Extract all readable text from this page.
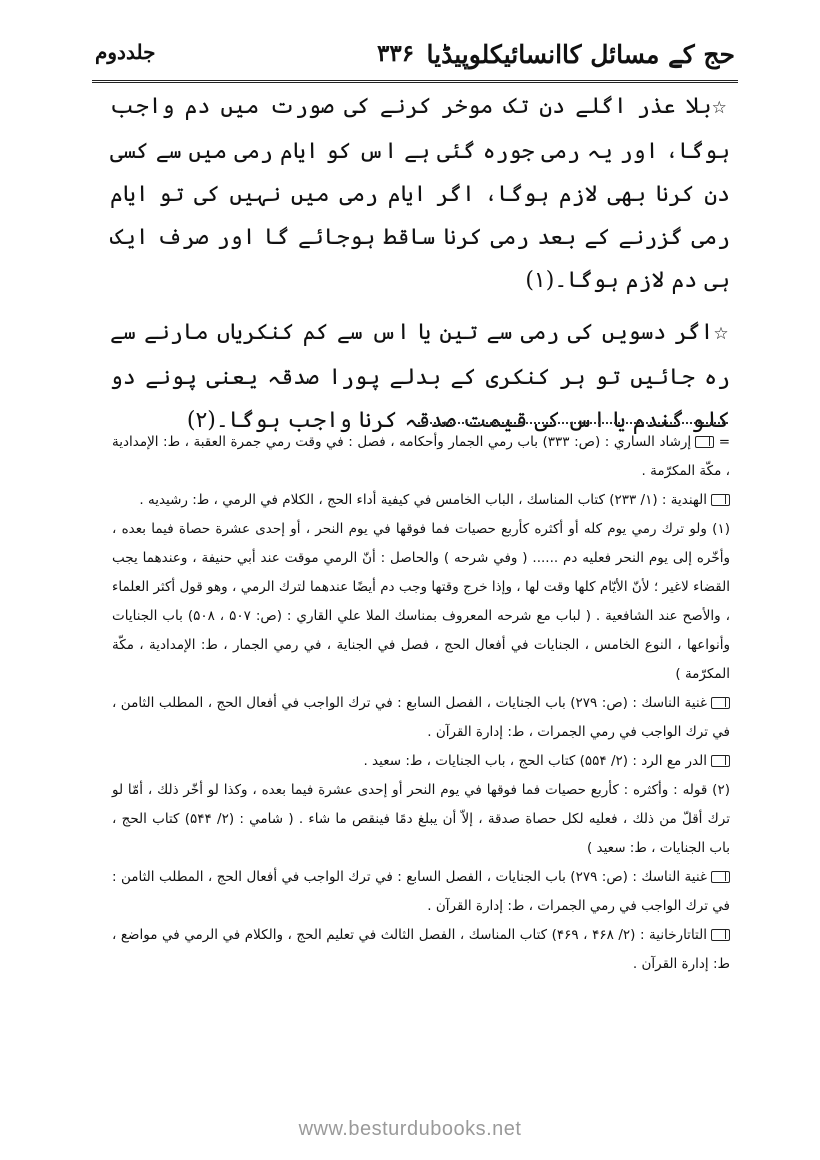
حج کے مسائل کاانسائیکلوپیڈیا
۳۳۶
جلددوم

☆بلا عذر اگلے دن تک موخر کرنے کی صورت میں دم واجب ہوگا، اور یہ رمی جورہ گئی ہے اس کو ایام رمی میں سے کسی دن کرنا بھی لازم ہوگا، اگر ایام رمی میں نہیں کی تو ایام رمی گزرنے کے بعد رمی کرنا ساقط ہوجائے گا اور صرف ایک ہی دم لازم ہوگا۔(۱)

☆اگر دسویں کی رمی سے تین یا اس سے کم کنکریاں مارنے سے رہ جائیں تو ہر کنکری کے بدلے پورا صدقہ یعنی پونے دو کلو گندم یا اس کی قیمت صدقہ کرنا واجب ہوگا۔(۲)

= إرشاد الساري : (ص: ۳۳۳) باب رمي الجمار وأحكامه ، فصل : في وقت رمي جمرة العقبة ، ط: الإمدادية ، مكّة المكرّمة .

الهندية : (۱/ ۲۳۳) كتاب المناسك ، الباب الخامس في كيفية أداء الحج ، الكلام في الرمي ، ط: رشيديه .

(۱) ولو ترك رمي يوم كله أو أكثره كأربع حصيات فما فوقها في يوم النحر ، أو إحدى عشرة حصاة فيما بعده ، وأخّره إلى يوم النحر فعليه دم ...... ( وفي شرحه ) والحاصل : أنّ الرمي موقت عند أبي حنيفة ، وعندهما يجب القضاء لاغير ؛ لأنّ الأيّام كلها وقت لها ، وإذا خرج وقتها وجب دم أيضًا عندهما لترك الرمي ، وهو قول أكثر العلماء ، والأصح عند الشافعية . ( لباب مع شرحه المعروف بمناسك الملا علي القاري : (ص: ۵۰۷ ، ۵۰۸) باب الجنايات وأنواعها ، النوع الخامس ، الجنايات في أفعال الحج ، فصل في الجناية ، في رمي الجمار ، ط: الإمدادية ، مكّة المكرّمة )

غنية الناسك : (ص: ۲۷۹) باب الجنايات ، الفصل السابع : في ترك الواجب في أفعال الحج ، المطلب الثامن ، في ترك الواجب في رمي الجمرات ، ط: إدارة القرآن .

الدر مع الرد : (۲/ ۵۵۴) كتاب الحج ، باب الجنايات ، ط: سعيد .

(۲) قوله : وأكثره : كأربع حصيات فما فوقها في يوم النحر أو إحدى عشرة فيما بعده ، وكذا لو أخّر ذلك ، أمّا لو ترك أقلّ من ذلك ، فعليه لكل حصاة صدقة ، إلاّ أن يبلغ دمًا فينقص ما شاء . ( شامي : (۲/ ۵۴۴) كتاب الحج ، باب الجنايات ، ط: سعيد )

غنية الناسك : (ص: ۲۷۹) باب الجنايات ، الفصل السابع : في ترك الواجب في أفعال الحج ، المطلب الثامن : في ترك الواجب في رمي الجمرات ، ط: إدارة القرآن .

التاتارخانية : (۲/ ۴۶۸ ، ۴۶۹) كتاب المناسك ، الفصل الثالث في تعليم الحج ، والكلام في الرمي في مواضع ، ط: إدارة القرآن .

www.besturdubooks.net
